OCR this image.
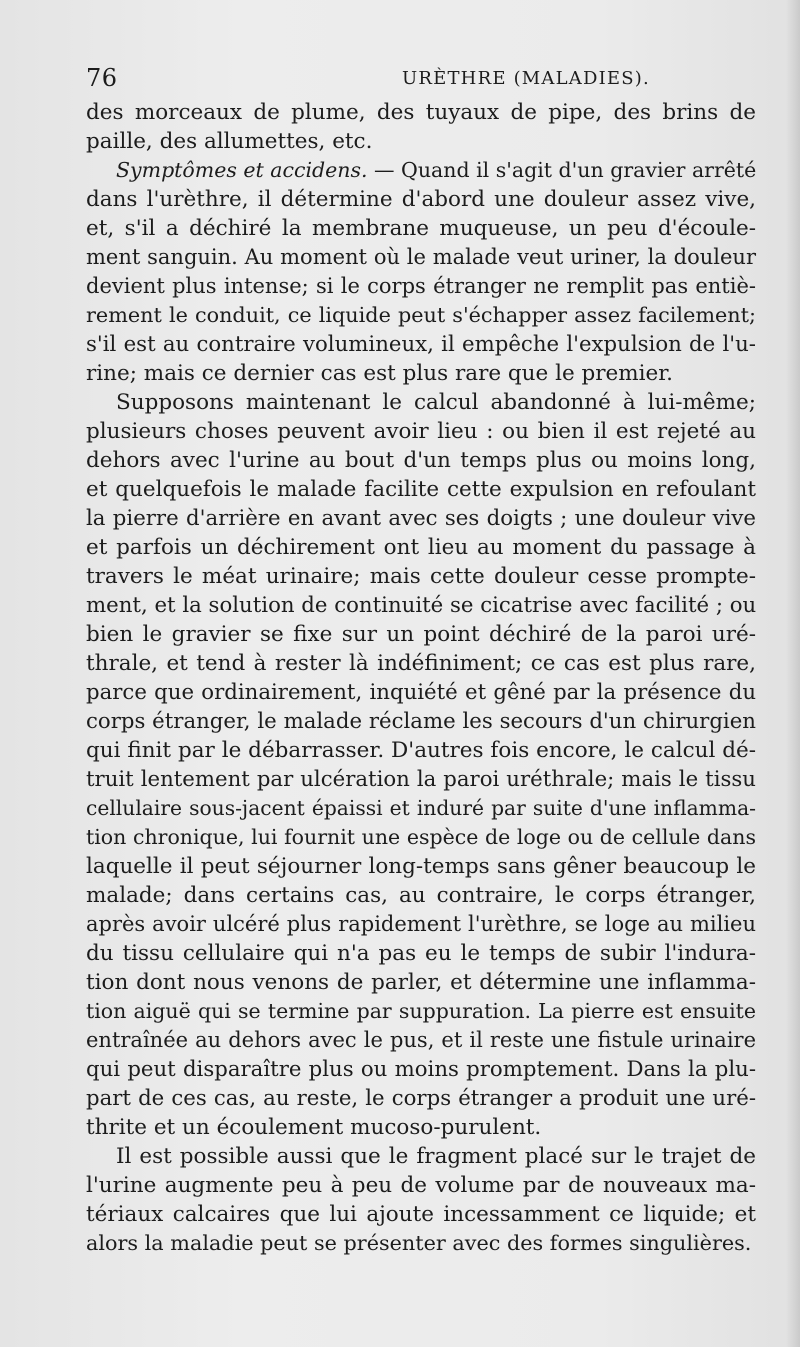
76	URÈTHRE (MALADIES).
des morceaux de plume, des tuyaux de pipe, des brins de
paille, des allumettes, etc.
Symptômes et accidens. — Quand il s'agit d'un gravier arrêté
dans l'urèthre, il détermine d'abord une douleur assez vive,
et, s'il a déchiré la membrane muqueuse, un peu d'écoule-
ment sanguin. Au moment où le malade veut uriner, la douleur
devient plus intense; si le corps étranger ne remplit pas entiè-
rement le conduit, ce liquide peut s'échapper assez facilement;
s'il est au contraire volumineux, il empêche l'expulsion de l'u-
rine; mais ce dernier cas est plus rare que le premier.
Supposons maintenant le calcul abandonné à lui-même;
plusieurs choses peuvent avoir lieu : ou bien il est rejeté au
dehors avec l'urine au bout d'un temps plus ou moins long,
et quelquefois le malade facilite cette expulsion en refoulant
la pierre d'arrière en avant avec ses doigts ; une douleur vive
et parfois un déchirement ont lieu au moment du passage à
travers le méat urinaire; mais cette douleur cesse prompte-
ment, et la solution de continuité se cicatrise avec facilité ; ou
bien le gravier se fixe sur un point déchiré de la paroi uré-
thrale, et tend à rester là indéfiniment; ce cas est plus rare,
parce que ordinairement, inquiété et gêné par la présence du
corps étranger, le malade réclame les secours d'un chirurgien
qui finit par le débarrasser. D'autres fois encore, le calcul dé-
truit lentement par ulcération la paroi uréthrale; mais le tissu
cellulaire sous-jacent épaissi et induré par suite d'une inflamma-
tion chronique, lui fournit une espèce de loge ou de cellule dans
laquelle il peut séjourner long-temps sans gêner beaucoup le
malade; dans certains cas, au contraire, le corps étranger,
après avoir ulcéré plus rapidement l'urèthre, se loge au milieu
du tissu cellulaire qui n'a pas eu le temps de subir l'indura-
tion dont nous venons de parler, et détermine une inflamma-
tion aiguë qui se termine par suppuration. La pierre est ensuite
entraînée au dehors avec le pus, et il reste une fistule urinaire
qui peut disparaître plus ou moins promptement. Dans la plu-
part de ces cas, au reste, le corps étranger a produit une uré-
thrite et un écoulement mucoso-purulent.
Il est possible aussi que le fragment placé sur le trajet de
l'urine augmente peu à peu de volume par de nouveaux ma-
tériaux calcaires que lui ajoute incessamment ce liquide; et
alors la maladie peut se présenter avec des formes singulières.
